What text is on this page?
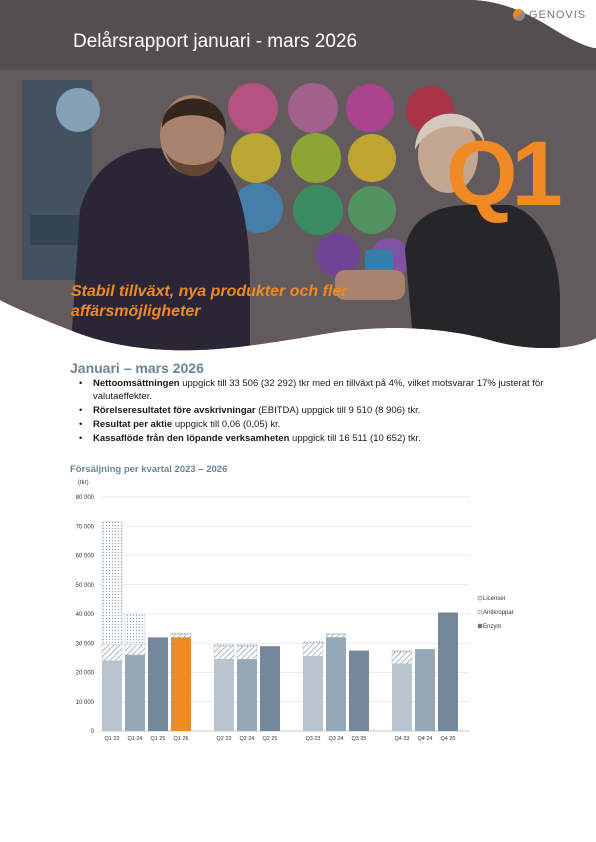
GENOVIS
Delårsrapport januari - mars 2026
Q1
Stabil tillväxt, nya produkter och fler affärsmöjligheter
Januari – mars 2026
• Nettoomsättningen uppgick till 33 506 (32 292) tkr med en tillväxt på 4%, vilket motsvarar 17% justerat för valutaeffekter.
• Rörelseresultatet före avskrivningar (EBITDA) uppgick till 9 510 (8 906) tkr.
• Resultat per aktie uppgick till 0,06 (0,05) kr.
• Kassaflöde från den löpande verksamheten uppgick till 16 511 (10 652) tkr.
Försäljning per kvartal 2023 – 2026
(tkr)
0
10 000
20 000
30 000
40 000
50 000
60 000
70 000
80 000
Q1 23 Q1 24 Q1 25 Q1 26	Q2 23 Q2 24 Q2 25	Q3 23 Q3 24 Q3 25	Q4 23 Q4 24 Q4 25
Licenser
Antikroppar
Enzym
